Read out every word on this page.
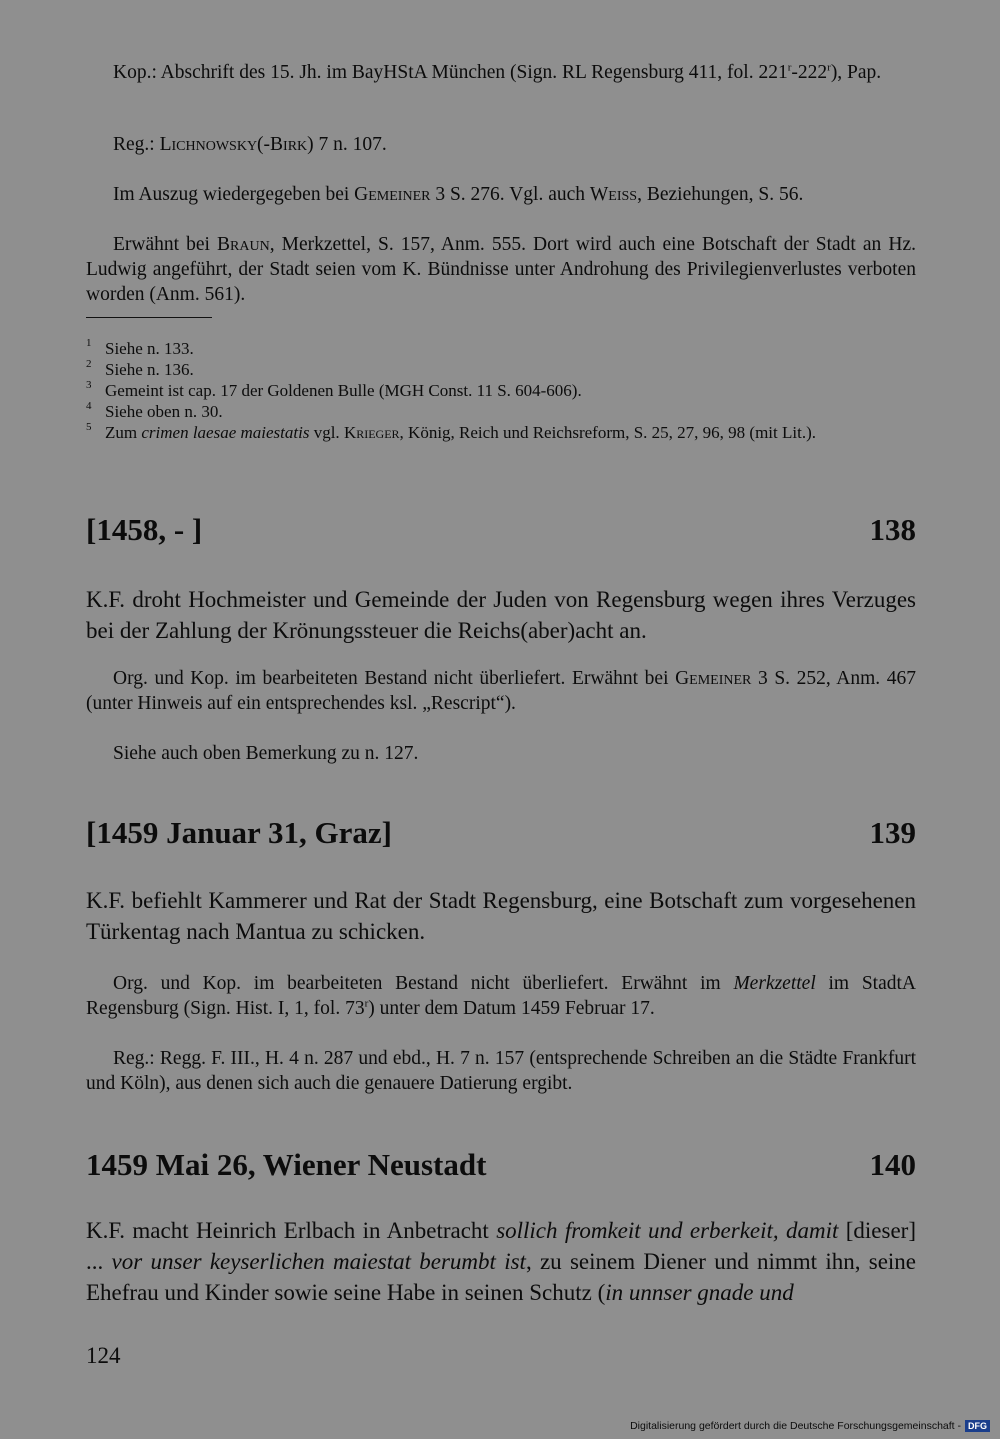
Kop.: Abschrift des 15. Jh. im BayHStA München (Sign. RL Regensburg 411, fol. 221$^r$-222$^r$), Pap.

Reg.: Lichnowsky(-Birk) 7 n. 107.

Im Auszug wiedergegeben bei Gemeiner 3 S. 276. Vgl. auch Weiss, Beziehungen, S. 56.

Erwähnt bei Braun, Merkzettel, S. 157, Anm. 555. Dort wird auch eine Botschaft der Stadt an Hz. Ludwig angeführt, der Stadt seien vom K. Bündnisse unter Androhung des Privilegienverlustes verboten worden (Anm. 561).

1 Siehe n. 133.

2 Siehe n. 136.

3 Gemeint ist cap. 17 der Goldenen Bulle (MGH Const. 11 S. 604-606).

4 Siehe oben n. 30.

5 Zum crimen laesae maiestatis vgl. Krieger, König, Reich und Reichsreform, S. 25, 27, 96, 98 (mit Lit.).

[1458, - ]	138

K.F. droht Hochmeister und Gemeinde der Juden von Regensburg wegen ihres Verzuges bei der Zahlung der Krönungssteuer die Reichs(aber)acht an.

Org. und Kop. im bearbeiteten Bestand nicht überliefert. Erwähnt bei Gemeiner 3 S. 252, Anm. 467 (unter Hinweis auf ein entsprechendes ksl. „Rescript“).

Siehe auch oben Bemerkung zu n. 127.

[1459 Januar 31, Graz]	139

K.F. befiehlt Kammerer und Rat der Stadt Regensburg, eine Botschaft zum vorgesehenen Türkentag nach Mantua zu schicken.

Org. und Kop. im bearbeiteten Bestand nicht überliefert. Erwähnt im Merkzettel im StadtA Regensburg (Sign. Hist. I, 1, fol. 73$^r$) unter dem Datum 1459 Februar 17.

Reg.: Regg. F. III., H. 4 n. 287 und ebd., H. 7 n. 157 (entsprechende Schreiben an die Städte Frankfurt und Köln), aus denen sich auch die genauere Datierung ergibt.

1459 Mai 26, Wiener Neustadt	140

K.F. macht Heinrich Erlbach in Anbetracht sollich fromkeit und erberkeit, damit [dieser] ... vor unser keyserlichen maiestat berumbt ist, zu seinem Diener und nimmt ihn, seine Ehefrau und Kinder sowie seine Habe in seinen Schutz (in unnser gnade und

124
Digitalisierung gefördert durch die Deutsche Forschungsgemeinschaft - DFG
